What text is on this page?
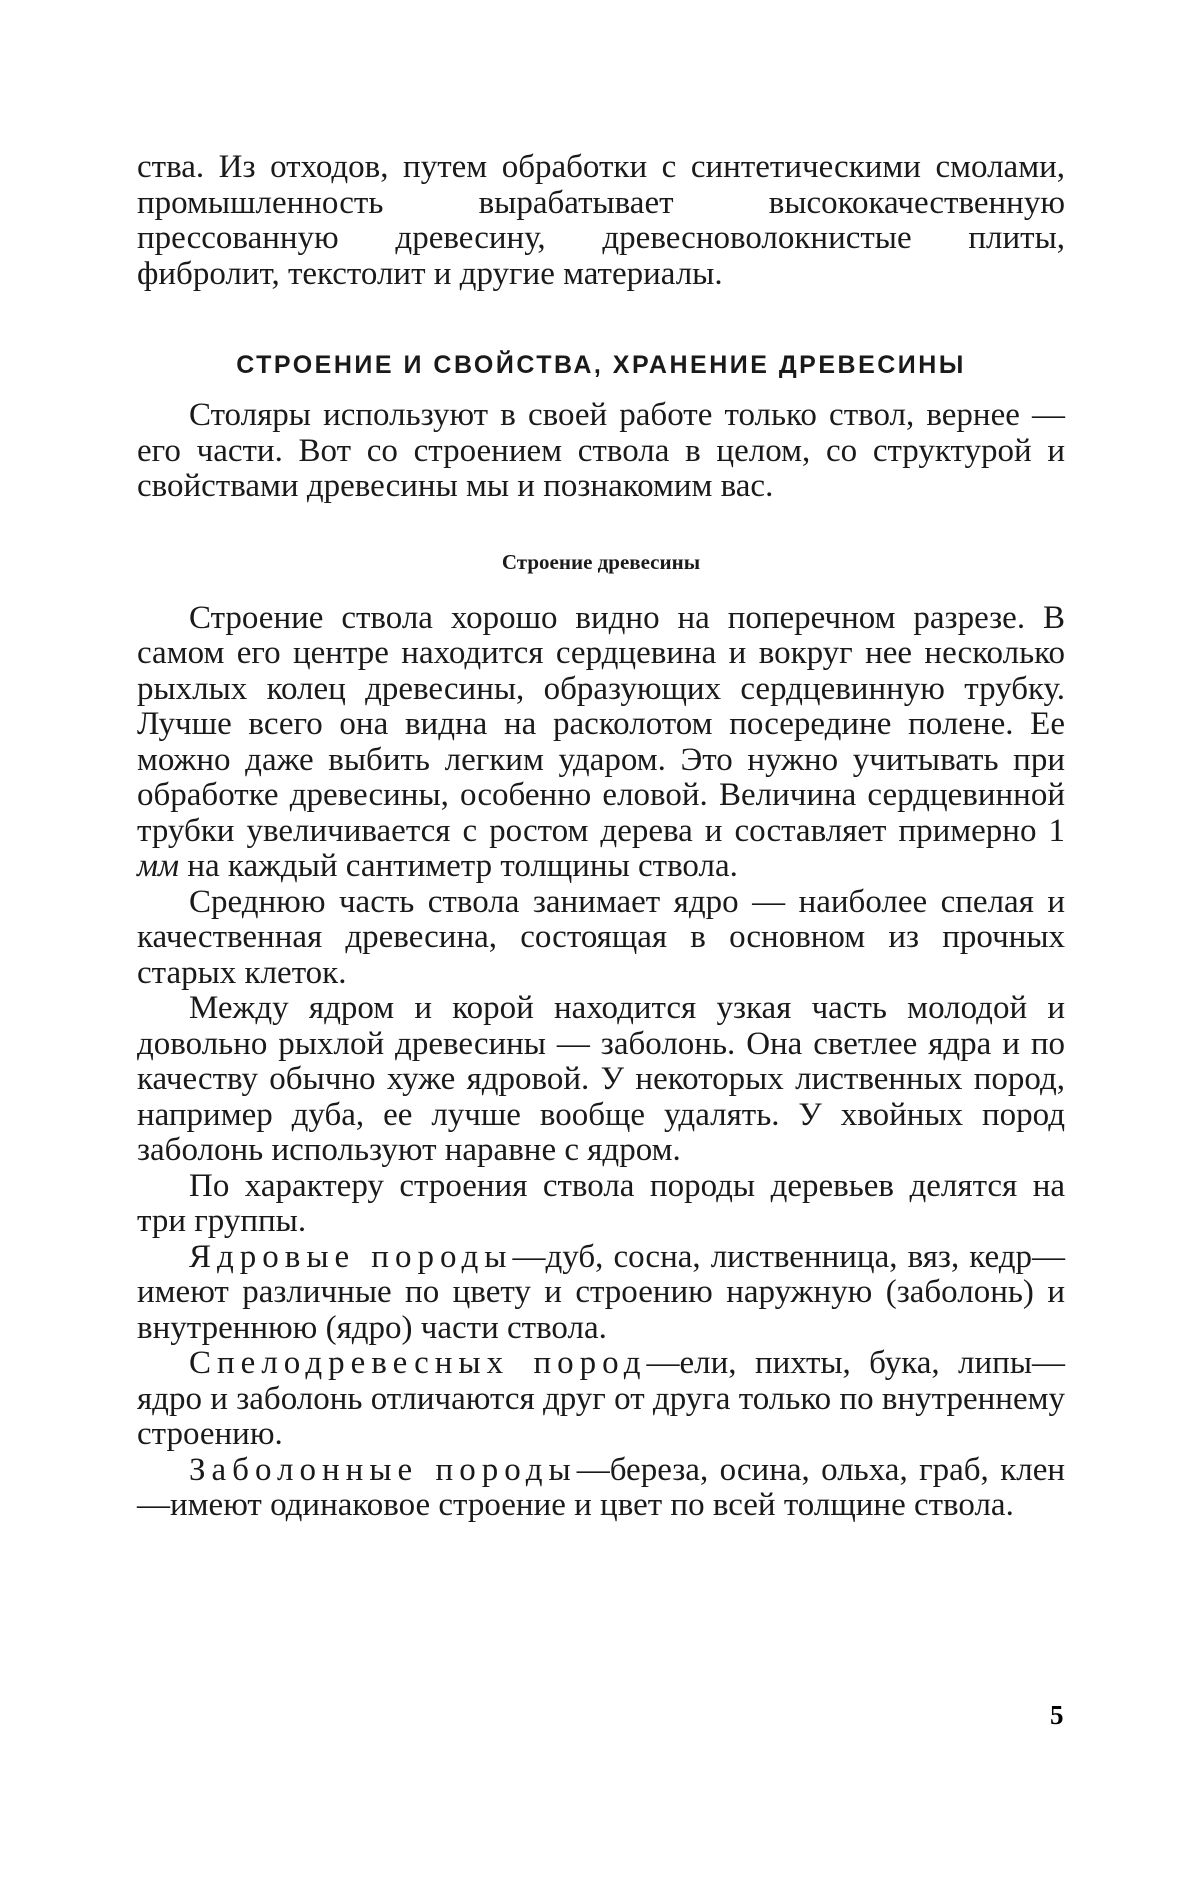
ства. Из отходов, путем обработки с синтетическими смолами, промышленность вырабатывает высококачественную прессованную древесину, древесноволокнистые плиты, фибролит, текстолит и другие материалы.

СТРОЕНИЕ И СВОЙСТВА, ХРАНЕНИЕ ДРЕВЕСИНЫ

Столяры используют в своей работе только ствол, вернее — его части. Вот со строением ствола в целом, со структурой и свойствами древесины мы и познакомим вас.

Строение древесины

Строение ствола хорошо видно на поперечном разрезе. В самом его центре находится сердцевина и вокруг нее несколько рыхлых колец древесины, образующих сердцевинную трубку. Лучше всего она видна на расколотом посередине полене. Ее можно даже выбить легким ударом. Это нужно учитывать при обработке древесины, особенно еловой. Величина сердцевинной трубки увеличивается с ростом дерева и составляет примерно 1 мм на каждый сантиметр толщины ствола.

Среднюю часть ствола занимает ядро — наиболее спелая и качественная древесина, состоящая в основном из прочных старых клеток.

Между ядром и корой находится узкая часть молодой и довольно рыхлой древесины — заболонь. Она светлее ядра и по качеству обычно хуже ядровой. У некоторых лиственных пород, например дуба, ее лучше вообще удалять. У хвойных пород заболонь используют наравне с ядром.

По характеру строения ствола породы деревьев делятся на три группы.

Ядровые породы—дуб, сосна, лиственница, вяз, кедр—имеют различные по цвету и строению наружную (заболонь) и внутреннюю (ядро) части ствола.

Спелодревесных пород—ели, пихты, бука, липы—ядро и заболонь отличаются друг от друга только по внутреннему строению.

Заболонные породы—береза, осина, ольха, граб, клен—имеют одинаковое строение и цвет по всей толщине ствола.

5
